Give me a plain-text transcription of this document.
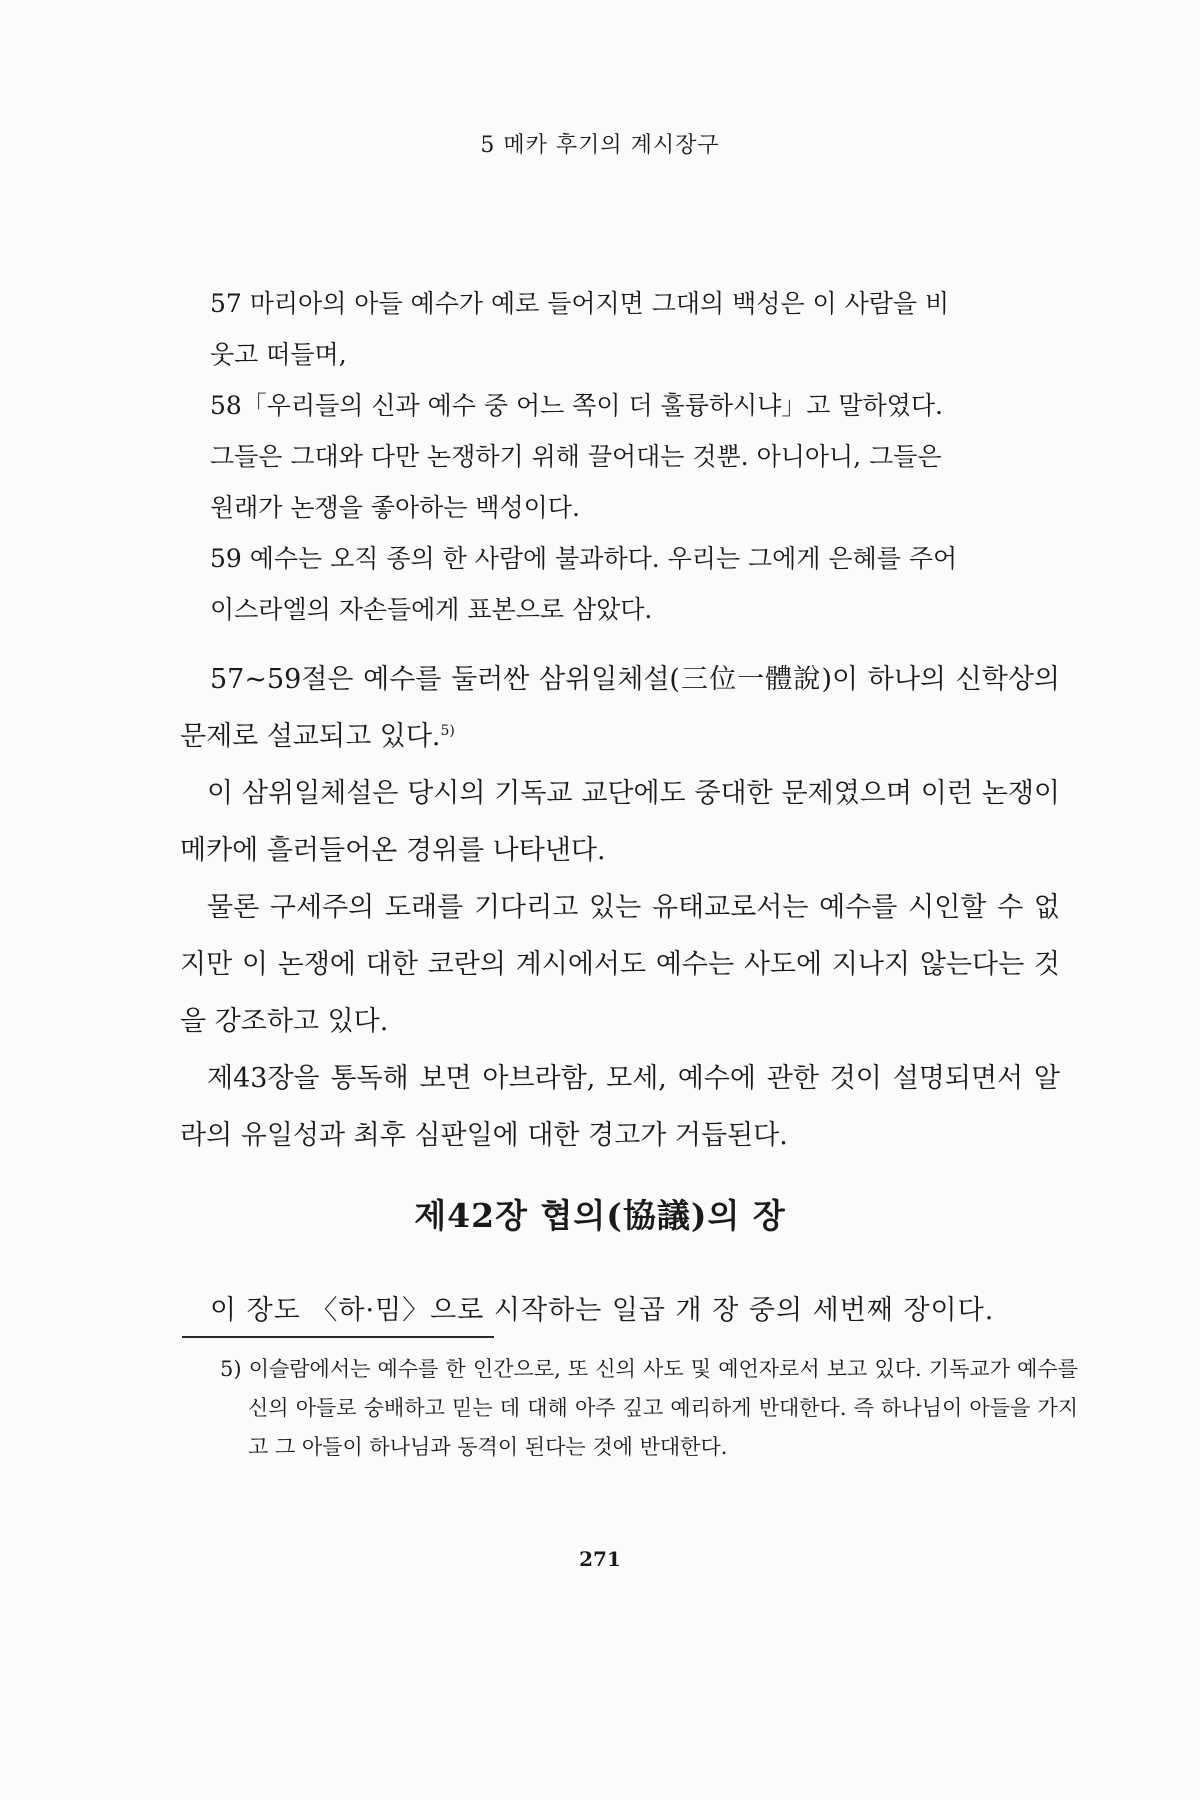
5 메카 후기의 계시장구

57 마리아의 아들 예수가 예로 들어지면 그대의 백성은 이 사람을 비

웃고 떠들며,

58「우리들의 신과 예수 중 어느 쪽이 더 훌륭하시냐」고 말하였다.

그들은 그대와 다만 논쟁하기 위해 끌어대는 것뿐. 아니아니, 그들은

원래가 논쟁을 좋아하는 백성이다.

59 예수는 오직 종의 한 사람에 불과하다. 우리는 그에게 은혜를 주어

이스라엘의 자손들에게 표본으로 삼았다.

57~59절은 예수를 둘러싼 삼위일체설(三位一體說)이 하나의 신학상의 문제로 설교되고 있다.$^{5)}$

이 삼위일체설은 당시의 기독교 교단에도 중대한 문제였으며 이런 논쟁이 메카에 흘러들어온 경위를 나타낸다.

물론 구세주의 도래를 기다리고 있는 유태교로서는 예수를 시인할 수 없지만 이 논쟁에 대한 코란의 계시에서도 예수는 사도에 지나지 않는다는 것을 강조하고 있다.

제43장을 통독해 보면 아브라함, 모세, 예수에 관한 것이 설명되면서 알라의 유일성과 최후 심판일에 대한 경고가 거듭된다.

제42장 협의(協議)의 장
이 장도 〈하·밈〉으로 시작하는 일곱 개 장 중의 세번째 장이다.
5) 이슬람에서는 예수를 한 인간으로, 또 신의 사도 및 예언자로서 보고 있다. 기독교가 예수를 신의 아들로 숭배하고 믿는 데 대해 아주 깊고 예리하게 반대한다. 즉 하나님이 아들을 가지고 그 아들이 하나님과 동격이 된다는 것에 반대한다.
271
